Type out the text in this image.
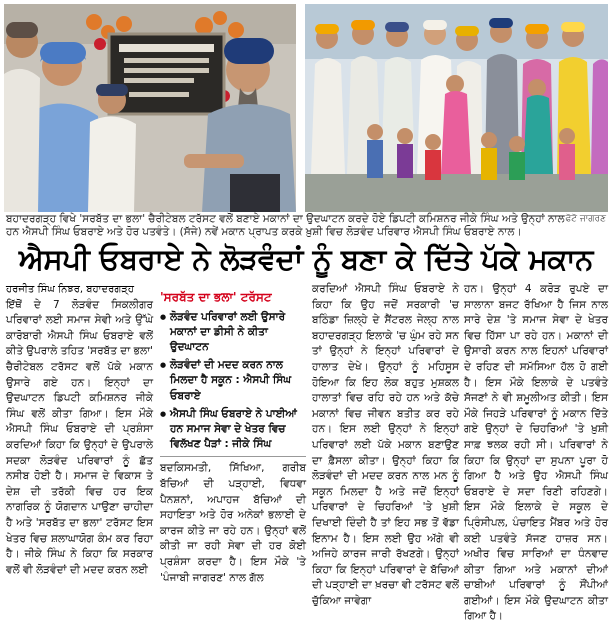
ਫੋਟੋ ਜਾਗਰਣ
ਬਹਾਦਰਗੜ੍ਹ ਵਿਖੇ 'ਸਰਬੱਤ ਦਾ ਭਲਾ' ਚੈਰੀਟੇਬਲ ਟਰੱਸਟ ਵਲੋਂ ਬਣਾਏ ਮਕਾਨਾਂ ਦਾ ਉਦਘਾਟਨ ਕਰਦੇ ਹੋਏ ਡਿਪਟੀ ਕਮਿਸ਼ਨਰ ਜੀਕੇ ਸਿੰਘ ਅਤੇ ਉਨ੍ਹਾਂ ਨਾਲ ਹਨ ਐਸਪੀ ਸਿੰਘ ਓਬਰਾਏ ਅਤੇ ਹੋਰ ਪਤਵੰਤੇ। (ਸੱਜੇ) ਨਵੇਂ ਮਕਾਨ ਪ੍ਰਾਪਤ ਕਰਕੇ ਖ਼ੁਸ਼ੀ ਵਿਚ ਲੋੜਵੰਦ ਪਰਿਵਾਰ ਐਸਪੀ ਸਿੰਘ ਓਬਰਾਏ ਨਾਲ।
ਐਸਪੀ ਓਬਰਾਏ ਨੇ ਲੋੜਵੰਦਾਂ ਨੂੰ ਬਣਾ ਕੇ ਦਿੱਤੇ ਪੱਕੇ ਮਕਾਨ

ਹਰਜੀਤ ਸਿੰਘ ਨਿਝਰ, ਬਹਾਦਰਗੜ੍ਹ

ਇੱਥੋਂ ਦੇ 7 ਲੋੜਵੰਦ ਸਿਕਲੀਗਰ ਪਰਿਵਾਰਾਂ ਲਈ ਸਮਾਜ ਸੇਵੀ ਅਤੇ ਉੱਘੇ ਕਾਰੋਬਾਰੀ ਐਸਪੀ ਸਿੰਘ ਓਬਰਾਏ ਵਲੋਂ ਕੀਤੇ ਉਪਰਾਲੇ ਤਹਿਤ 'ਸਰਬੱਤ ਦਾ ਭਲਾ' ਚੈਰੀਟੇਬਲ ਟਰੱਸਟ ਵਲੋਂ ਪੱਕੇ ਮਕਾਨ ਉਸਾਰੇ ਗਏ ਹਨ। ਇਨ੍ਹਾਂ ਦਾ ਉਦਘਾਟਨ ਡਿਪਟੀ ਕਮਿਸ਼ਨਰ ਜੀਕੇ ਸਿੰਘ ਵਲੋਂ ਕੀਤਾ ਗਿਆ। ਇਸ ਮੌਕੇ ਐਸਪੀ ਸਿੰਘ ਓਬਰਾਏ ਦੀ ਪ੍ਰਸ਼ੰਸਾ ਕਰਦਿਆਂ ਕਿਹਾ ਕਿ ਉਨ੍ਹਾਂ ਦੇ ਉਪਰਾਲੇ ਸਦਕਾ ਲੋੜਵੰਦ ਪਰਿਵਾਰਾਂ ਨੂੰ ਛੱਤ ਨਸੀਬ ਹੋਈ ਹੈ। ਸਮਾਜ ਦੇ ਵਿਕਾਸ ਤੇ ਦੇਸ਼ ਦੀ ਤਰੱਕੀ ਵਿਚ ਹਰ ਇਕ ਨਾਗਰਿਕ ਨੂੰ ਯੋਗਦਾਨ ਪਾਉਣਾ ਚਾਹੀਦਾ ਹੈ ਅਤੇ 'ਸਰਬੱਤ ਦਾ ਭਲਾ' ਟਰੱਸਟ ਇਸ ਖੇਤਰ ਵਿਚ ਸ਼ਲਾਘਾਯੋਗ ਕੰਮ ਕਰ ਰਿਹਾ ਹੈ। ਜੀਕੇ ਸਿੰਘ ਨੇ ਕਿਹਾ ਕਿ ਸਰਕਾਰ ਵਲੋਂ ਵੀ ਲੋੜਵੰਦਾਂ ਦੀ ਮਦਦ ਕਰਨ ਲਈ

'ਸਰਬੱਤ ਦਾ ਭਲਾ' ਟਰੱਸਟ
● ਲੋੜਵੰਦ ਪਰਿਵਾਰਾਂ ਲਈ ਉਸਾਰੇ ਮਕਾਨਾਂ ਦਾ ਡੀਸੀ ਨੇ ਕੀਤਾ ਉਦਘਾਟਨ
● ਲੋੜਵੰਦਾਂ ਦੀ ਮਦਦ ਕਰਨ ਨਾਲ ਮਿਲਦਾ ਹੈ ਸਕੂਨ : ਐਸਪੀ ਸਿੰਘ ਓਬਰਾਏ
● ਐਸਪੀ ਸਿੰਘ ਓਬਰਾਏ ਨੇ ਪਾਈਆਂ ਹਨ ਸਮਾਜ ਸੇਵਾ ਦੇ ਖੇਤਰ ਵਿਚ ਵਿਲੱਖਣ ਪੈੜਾਂ : ਜੀਕੇ ਸਿੰਘ

ਬਦਕਿਸਮਤੀ, ਸਿੱਖਿਆ, ਗਰੀਬ ਬੱਚਿਆਂ ਦੀ ਪੜ੍ਹਾਈ, ਵਿਧਵਾ ਪੈਨਸ਼ਨਾਂ, ਅਪਾਹਜ ਬੱਚਿਆਂ ਦੀ ਸਹਾਇਤਾ ਅਤੇ ਹੋਰ ਅਨੇਕਾਂ ਭਲਾਈ ਦੇ ਕਾਰਜ ਕੀਤੇ ਜਾ ਰਹੇ ਹਨ। ਉਨ੍ਹਾਂ ਵਲੋਂ ਕੀਤੀ ਜਾ ਰਹੀ ਸੇਵਾ ਦੀ ਹਰ ਕੋਈ ਪ੍ਰਸ਼ੰਸਾ ਕਰਦਾ ਹੈ। ਇਸ ਮੌਕੇ 'ਤੇ 'ਪੰਜਾਬੀ ਜਾਗਰਣ' ਨਾਲ ਗੱਲ

ਕਰਦਿਆਂ ਐਸਪੀ ਸਿੰਘ ਓਬਰਾਏ ਨੇ ਕਿਹਾ ਕਿ ਉਹ ਜਦੋਂ ਸਰਕਾਰੀ 'ਚ ਬਠਿੰਡਾ ਜ਼ਿਲ੍ਹੇ ਦੇ ਸੈਂਟਰਲ ਜੇਲ੍ਹ ਨਾਲ ਬਹਾਦਰਗੜ੍ਹ ਇਲਾਕੇ 'ਚ ਘੁੰਮ ਰਹੇ ਸਨ ਤਾਂ ਉਨ੍ਹਾਂ ਨੇ ਇਨ੍ਹਾਂ ਪਰਿਵਾਰਾਂ ਦੇ ਹਾਲਾਤ ਦੇਖੇ। ਉਨ੍ਹਾਂ ਨੂੰ ਮਹਿਸੂਸ ਹੋਇਆ ਕਿ ਇਹ ਲੋਕ ਬਹੁਤ ਮੁਸ਼ਕਲ ਹਾਲਾਤਾਂ ਵਿਚ ਰਹਿ ਰਹੇ ਹਨ ਅਤੇ ਕੱਚੇ ਮਕਾਨਾਂ ਵਿਚ ਜੀਵਨ ਬਤੀਤ ਕਰ ਰਹੇ ਹਨ। ਇਸ ਲਈ ਉਨ੍ਹਾਂ ਨੇ ਇਨ੍ਹਾਂ ਪਰਿਵਾਰਾਂ ਲਈ ਪੱਕੇ ਮਕਾਨ ਬਣਾਉਣ ਦਾ ਫ਼ੈਸਲਾ ਕੀਤਾ। ਉਨ੍ਹਾਂ ਕਿਹਾ ਕਿ ਲੋੜਵੰਦਾਂ ਦੀ ਮਦਦ ਕਰਨ ਨਾਲ ਮਨ ਨੂੰ ਸਕੂਨ ਮਿਲਦਾ ਹੈ ਅਤੇ ਜਦੋਂ ਇਨ੍ਹਾਂ ਪਰਿਵਾਰਾਂ ਦੇ ਚਿਹਰਿਆਂ 'ਤੇ ਖ਼ੁਸ਼ੀ ਦਿਖਾਈ ਦਿੰਦੀ ਹੈ ਤਾਂ ਇਹ ਸਭ ਤੋਂ ਵੱਡਾ ਇਨਾਮ ਹੈ। ਇਸ ਲਈ ਉਹ ਅੱਗੇ ਵੀ ਅਜਿਹੇ ਕਾਰਜ ਜਾਰੀ ਰੱਖਣਗੇ। ਉਨ੍ਹਾਂ ਕਿਹਾ ਕਿ ਇਨ੍ਹਾਂ ਪਰਿਵਾਰਾਂ ਦੇ ਬੱਚਿਆਂ ਦੀ ਪੜ੍ਹਾਈ ਦਾ ਖ਼ਰਚਾ ਵੀ ਟਰੱਸਟ ਵਲੋਂ ਚੁੱਕਿਆ ਜਾਵੇਗਾ

ਹਨ। ਉਨ੍ਹਾਂ 4 ਕਰੋੜ ਰੁਪਏ ਦਾ ਸਾਲਾਨਾ ਬਜਟ ਰੱਖਿਆ ਹੈ ਜਿਸ ਨਾਲ ਸਾਰੇ ਦੇਸ਼ 'ਤੇ ਸਮਾਜ ਸੇਵਾ ਦੇ ਖੇਤਰ ਵਿਚ ਹਿੱਸਾ ਪਾ ਰਹੇ ਹਨ। ਮਕਾਨਾਂ ਦੀ ਉਸਾਰੀ ਕਰਨ ਨਾਲ ਇਹਨਾਂ ਪਰਿਵਾਰਾਂ ਦੇ ਰਹਿਣ ਦੀ ਸਮੱਸਿਆ ਹੱਲ ਹੋ ਗਈ ਹੈ। ਇਸ ਮੌਕੇ ਇਲਾਕੇ ਦੇ ਪਤਵੰਤੇ ਸੱਜਣਾਂ ਨੇ ਵੀ ਸ਼ਮੂਲੀਅਤ ਕੀਤੀ। ਇਸ ਮੌਕੇ ਜਿਹੜੇ ਪਰਿਵਾਰਾਂ ਨੂੰ ਮਕਾਨ ਦਿੱਤੇ ਗਏ ਉਨ੍ਹਾਂ ਦੇ ਚਿਹਰਿਆਂ 'ਤੇ ਖ਼ੁਸ਼ੀ ਸਾਫ਼ ਝਲਕ ਰਹੀ ਸੀ। ਪਰਿਵਾਰਾਂ ਨੇ ਕਿਹਾ ਕਿ ਉਨ੍ਹਾਂ ਦਾ ਸੁਪਨਾ ਪੂਰਾ ਹੋ ਗਿਆ ਹੈ ਅਤੇ ਉਹ ਐਸਪੀ ਸਿੰਘ ਓਬਰਾਏ ਦੇ ਸਦਾ ਰਿਣੀ ਰਹਿਣਗੇ। ਇਸ ਮੌਕੇ ਇਲਾਕੇ ਦੇ ਸਕੂਲ ਦੇ ਪ੍ਰਿੰਸੀਪਲ, ਪੰਚਾਇਤ ਮੈਂਬਰ ਅਤੇ ਹੋਰ ਕਈ ਪਤਵੰਤੇ ਸੱਜਣ ਹਾਜ਼ਰ ਸਨ। ਅਖੀਰ ਵਿਚ ਸਾਰਿਆਂ ਦਾ ਧੰਨਵਾਦ ਕੀਤਾ ਗਿਆ ਅਤੇ ਮਕਾਨਾਂ ਦੀਆਂ ਚਾਬੀਆਂ ਪਰਿਵਾਰਾਂ ਨੂੰ ਸੌਂਪੀਆਂ ਗਈਆਂ। ਇਸ ਮੌਕੇ ਉਦਘਾਟਨ ਕੀਤਾ ਗਿਆ ਹੈ।
